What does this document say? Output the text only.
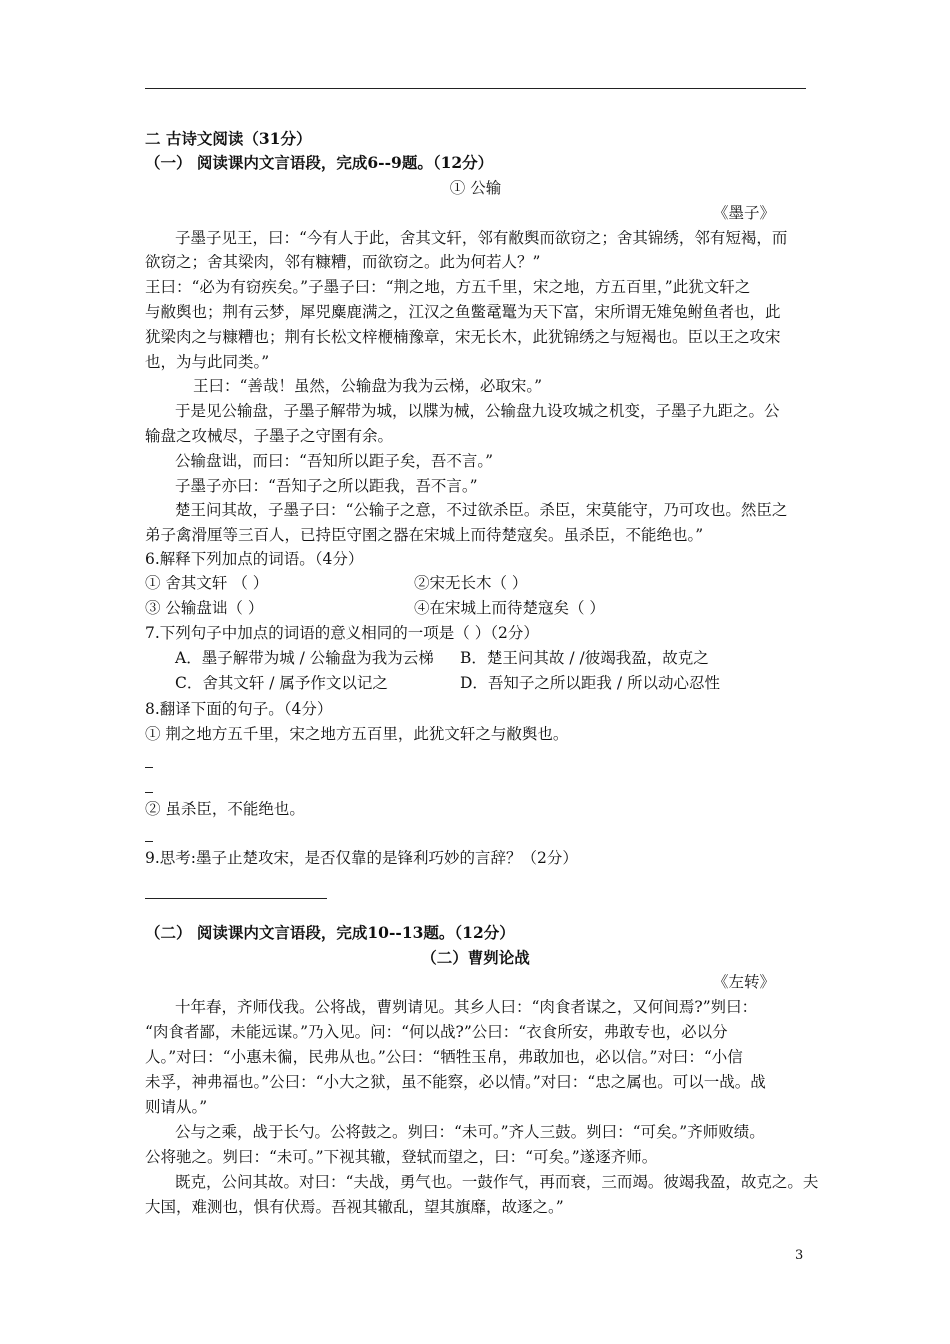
二 古诗文阅读（31分）
（一） 阅读课内文言语段，完成6--9题。（12分）
① 公输
《墨子》
子墨子见王，曰：“今有人于此，舍其文轩，邻有敝舆而欲窃之；舍其锦绣，邻有短褐，而
欲窃之；舍其梁肉，邻有糠糟，而欲窃之。此为何若人？”
王曰：“必为有窃疾矣。”子墨子曰：“荆之地，方五千里，宋之地，方五百里，”此犹文轩之
与敝舆也；荆有云梦，犀兕麋鹿满之，江汉之鱼鳖鼋鼍为天下富，宋所谓无雉兔鲋鱼者也，此
犹梁肉之与糠糟也；荆有长松文梓楩楠豫章，宋无长木，此犹锦绣之与短褐也。臣以王之攻宋
也，为与此同类。”
王曰：“善哉！虽然，公输盘为我为云梯，必取宋。”
于是见公输盘，子墨子解带为城，以牒为械，公输盘九设攻城之机变，子墨子九距之。公
输盘之攻械尽，子墨子之守圉有余。
公输盘诎，而曰：“吾知所以距子矣，吾不言。”
子墨子亦曰：“吾知子之所以距我，吾不言。”
楚王问其故，子墨子曰：“公输子之意，不过欲杀臣。杀臣，宋莫能守，乃可攻也。然臣之
弟子禽滑厘等三百人，已持臣守圉之器在宋城上而待楚寇矣。虽杀臣，不能绝也。”
6.解释下列加点的词语。（4分）
① 舍其文轩 （ ）	②宋无长木（ ）
③ 公输盘诎（ ）	④在宋城上而待楚寇矣（ ）
7.下列句子中加点的词语的意义相同的一项是（ ）（2分）
A．墨子解带为城 / 公输盘为我为云梯 B．楚王问其故 / /彼竭我盈，故克之
C．舍其文轩 / 属予作文以记之	D．吾知子之所以距我 / 所以动心忍性
8.翻译下面的句子。（4分）
① 荆之地方五千里，宋之地方五百里，此犹文轩之与敝舆也。
② 虽杀臣，不能绝也。
9.思考:墨子止楚攻宋，是否仅靠的是锋利巧妙的言辞？（2分）
（二） 阅读课内文言语段，完成10--13题。（12分）
（二）曹刿论战
《左转》
十年春，齐师伐我。公将战，曹刿请见。其乡人曰：“肉食者谋之，又何间焉?”刿曰：
“肉食者鄙，未能远谋。”乃入见。问：“何以战?”公曰：“衣食所安，弗敢专也，必以分
人。”对曰：“小惠未徧，民弗从也。”公曰：“牺牲玉帛，弗敢加也，必以信。”对曰：“小信
未孚，神弗福也。”公曰：“小大之狱，虽不能察，必以情。”对曰：“忠之属也。可以一战。战
则请从。”
公与之乘，战于长勺。公将鼓之。刿曰：“未可。”齐人三鼓。刿曰：“可矣。”齐师败绩。
公将驰之。刿曰：“未可。”下视其辙，登轼而望之，曰：“可矣。”遂逐齐师。
既克，公问其故。对曰：“夫战，勇气也。一鼓作气，再而衰，三而竭。彼竭我盈，故克之。夫
大国，难测也，惧有伏焉。吾视其辙乱，望其旗靡，故逐之。”
3
